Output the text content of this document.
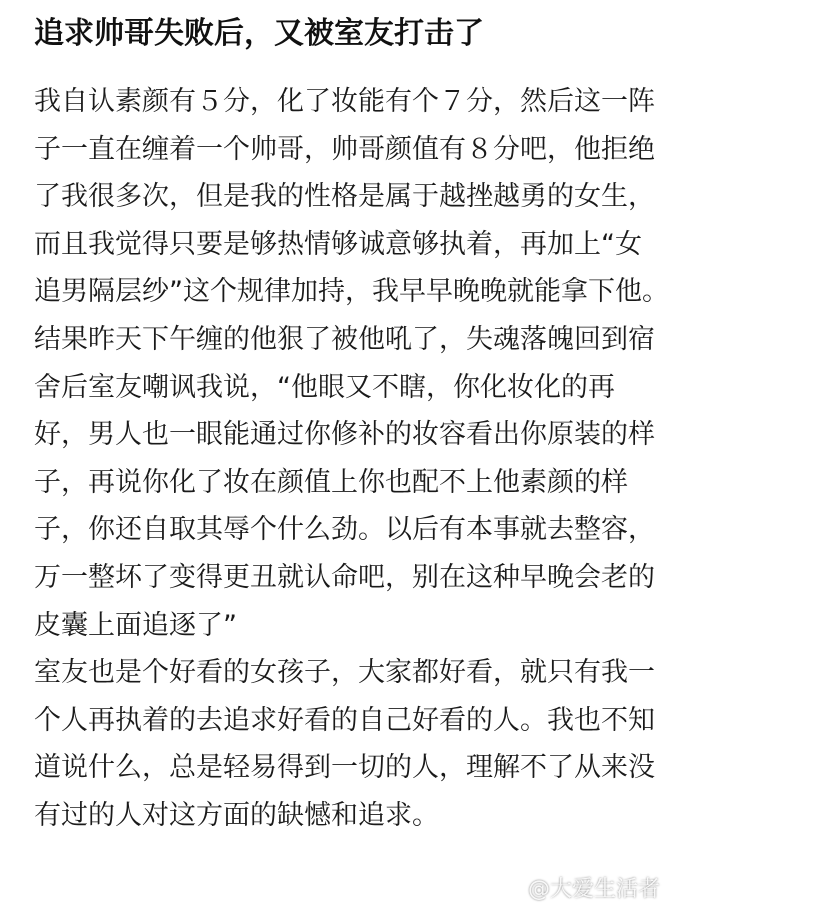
追求帅哥失败后，又被室友打击了
我自认素颜有５分，化了妆能有个７分，然后这一阵
子一直在缠着一个帅哥，帅哥颜值有８分吧，他拒绝
了我很多次，但是我的性格是属于越挫越勇的女生，
而且我觉得只要是够热情够诚意够执着，再加上“女
追男隔层纱”这个规律加持，我早早晚晚就能拿下他。
结果昨天下午缠的他狠了被他吼了，失魂落魄回到宿
舍后室友嘲讽我说，“他眼又不瞎，你化妆化的再
好，男人也一眼能通过你修补的妆容看出你原装的样
子，再说你化了妆在颜值上你也配不上他素颜的样
子，你还自取其辱个什么劲。以后有本事就去整容，
万一整坏了变得更丑就认命吧，别在这种早晚会老的
皮囊上面追逐了”
室友也是个好看的女孩子，大家都好看，就只有我一
个人再执着的去追求好看的自己好看的人。我也不知
道说什么，总是轻易得到一切的人，理解不了从来没
有过的人对这方面的缺憾和追求。
@大爱生活者
